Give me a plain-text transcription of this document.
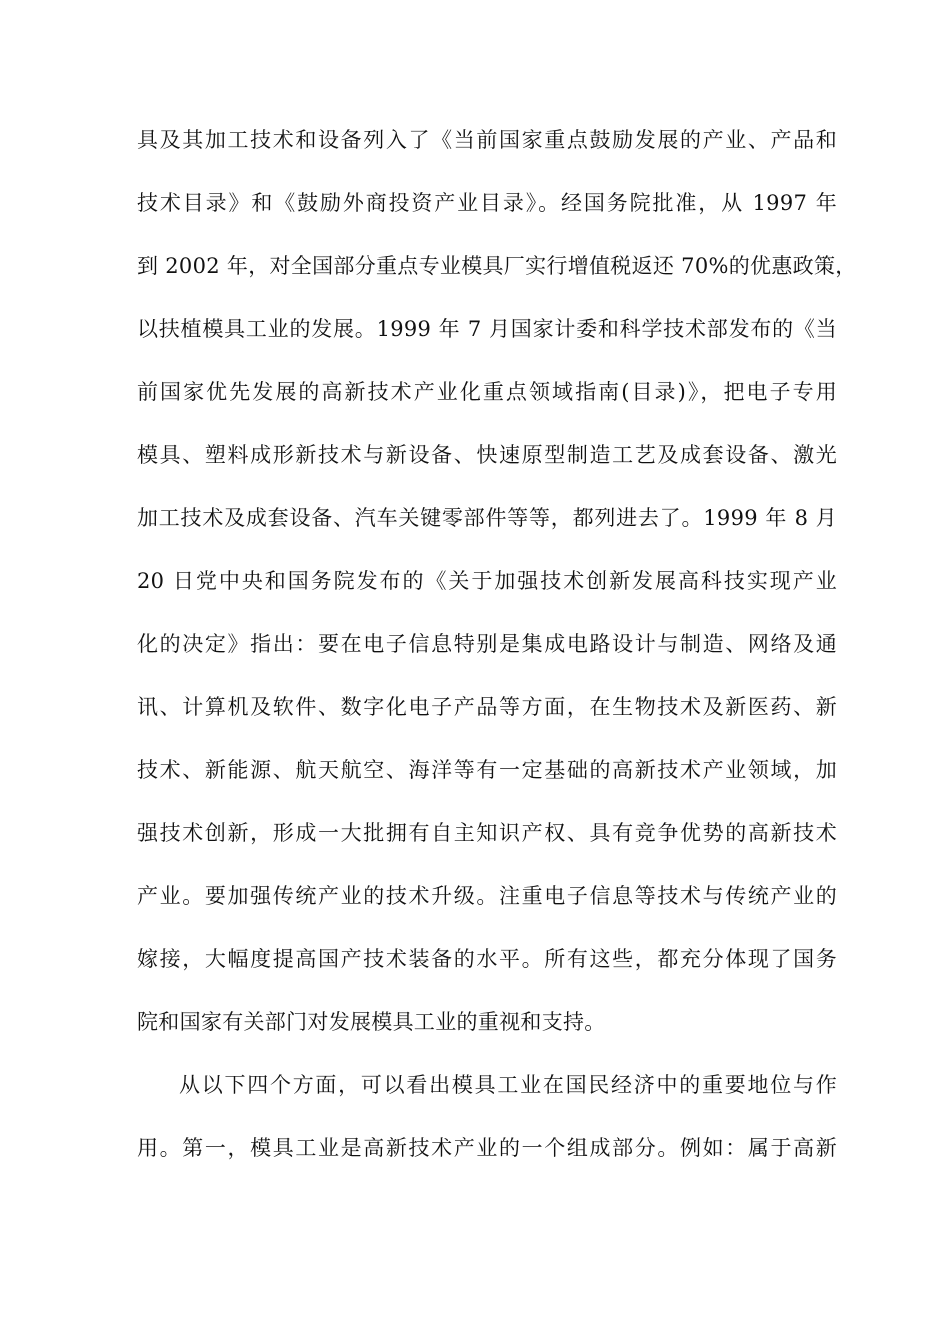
具及其加工技术和设备列入了《当前国家重点鼓励发展的产业、产品和
技术目录》和《鼓励外商投资产业目录》。经国务院批准，从 1997 年
到 2002 年，对全国部分重点专业模具厂实行增值税返还 70%的优惠政策，
以扶植模具工业的发展。1999 年 7 月国家计委和科学技术部发布的《当
前国家优先发展的高新技术产业化重点领域指南(目录)》，把电子专用
模具、塑料成形新技术与新设备、快速原型制造工艺及成套设备、激光
加工技术及成套设备、汽车关键零部件等等，都列进去了。1999 年 8 月
20 日党中央和国务院发布的《关于加强技术创新发展高科技实现产业
化的决定》指出：要在电子信息特别是集成电路设计与制造、网络及通
讯、计算机及软件、数字化电子产品等方面，在生物技术及新医药、新
技术、新能源、航天航空、海洋等有一定基础的高新技术产业领域，加
强技术创新，形成一大批拥有自主知识产权、具有竞争优势的高新技术
产业。要加强传统产业的技术升级。注重电子信息等技术与传统产业的
嫁接，大幅度提高国产技术装备的水平。所有这些，都充分体现了国务
院和国家有关部门对发展模具工业的重视和支持。
从以下四个方面，可以看出模具工业在国民经济中的重要地位与作
用。第一，模具工业是高新技术产业的一个组成部分。例如：属于高新
